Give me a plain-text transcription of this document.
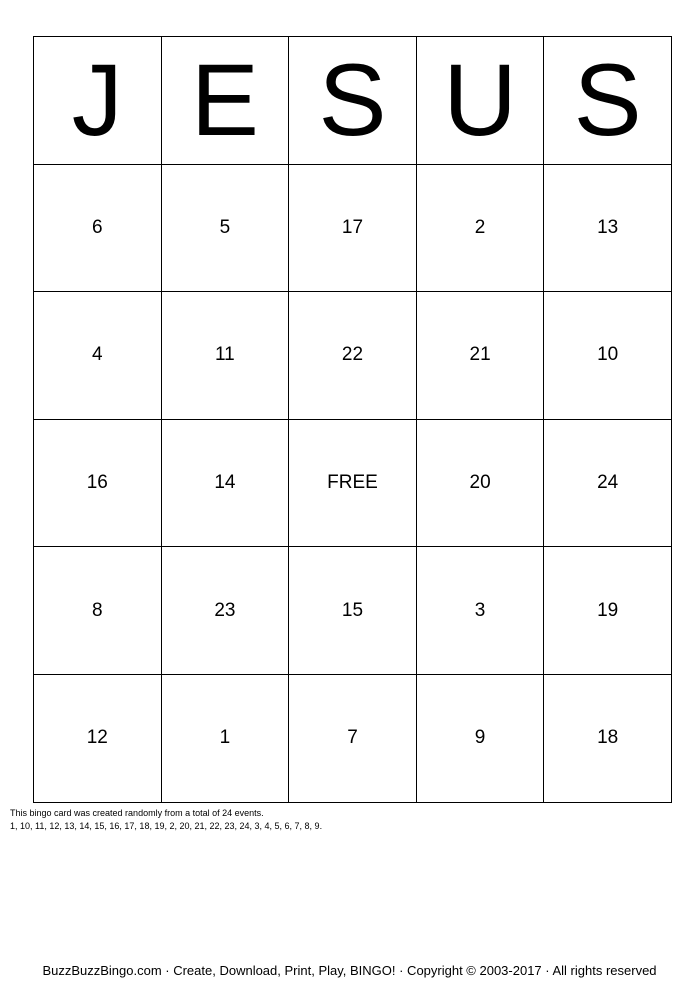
J	E	S	U	S
6	5	17	2	13
4	11	22	21	10
16	14	FREE	20	24
8	23	15	3	19
12	1	7	9	18
This bingo card was created randomly from a total of 24 events.
1, 10, 11, 12, 13, 14, 15, 16, 17, 18, 19, 2, 20, 21, 22, 23, 24, 3, 4, 5, 6, 7, 8, 9.
BuzzBuzzBingo.com · Create, Download, Print, Play, BINGO! · Copyright © 2003-2017 · All rights reserved
